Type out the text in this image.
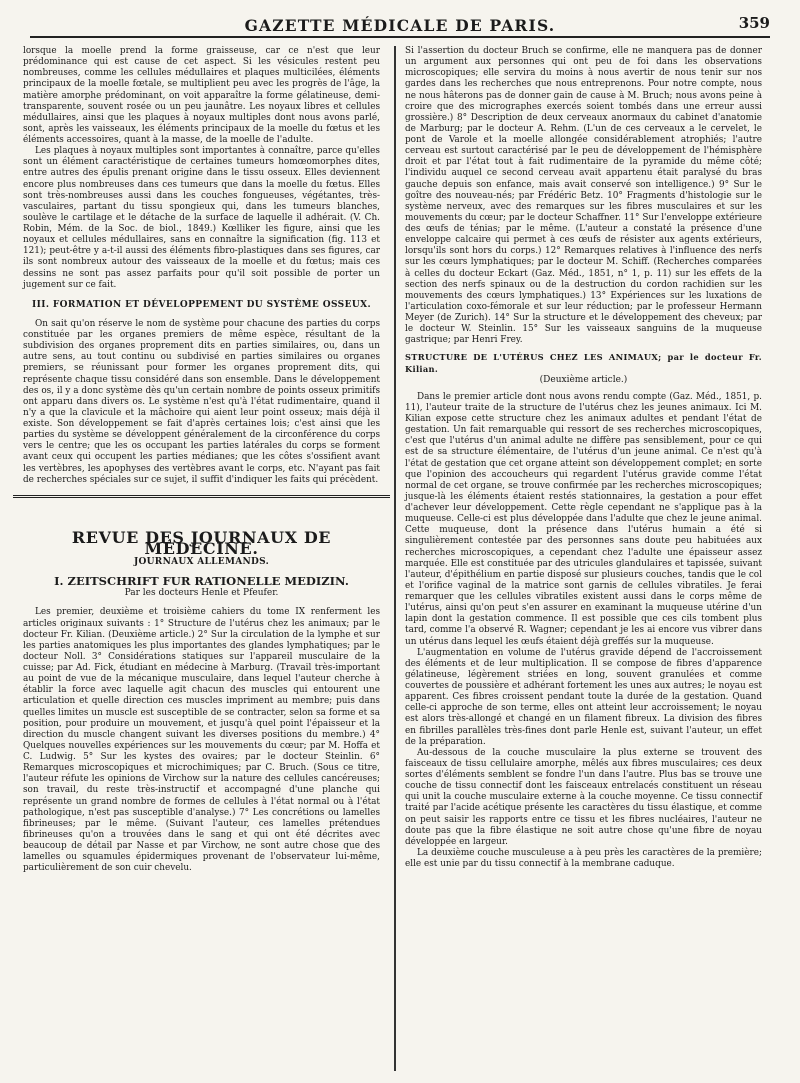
GAZETTE MÉDICALE DE PARIS.	359

lorsque la moelle prend la forme graisseuse, car ce n'est que leur prédominance qui est cause de cet aspect. Si les vésicules restent peu nombreuses, comme les cellules médullaires et plaques multicilées, éléments principaux de la moelle fœtale, se multiplient peu avec les progrès de l'âge, la matière amorphe prédominant, on voit apparaître la forme gélatineuse, demi-transparente, souvent rosée ou un peu jaunâtre. Les noyaux libres et cellules médullaires, ainsi que les plaques à noyaux multiples dont nous avons parlé, sont, après les vaisseaux, les éléments principaux de la moelle du fœtus et les éléments accessoires, quant à la masse, de la moelle de l'adulte.

Les plaques à noyaux multiples sont importantes à connaître, parce qu'elles sont un élément caractéristique de certaines tumeurs homœomorphes dites, entre autres des épulis prenant origine dans le tissu osseux. Elles deviennent encore plus nombreuses dans ces tumeurs que dans la moelle du fœtus. Elles sont très-nombreuses aussi dans les couches fongueuses, végétantes, très-vasculaires, partant du tissu spongieux qui, dans les tumeurs blanches, soulève le cartilage et le détache de la surface de laquelle il adhérait. (V. Ch. Robin, Mém. de la Soc. de biol., 1849.) Kœlliker les figure, ainsi que les noyaux et cellules médullaires, sans en connaître la signification (fig. 113 et 121); peut-être y a-t-il aussi des éléments fibro-plastiques dans ses figures, car ils sont nombreux autour des vaisseaux de la moelle et du fœtus; mais ces dessins ne sont pas assez parfaits pour qu'il soit possible de porter un jugement sur ce fait.

III. FORMATION ET DÉVELOPPEMENT DU SYSTÈME OSSEUX.

On sait qu'on réserve le nom de système pour chacune des parties du corps constituée par les organes premiers de même espèce, résultant de la subdivision des organes proprement dits en parties similaires, ou, dans un autre sens, au tout continu ou subdivisé en parties similaires ou organes premiers, se réunissant pour former les organes proprement dits, qui représente chaque tissu considéré dans son ensemble. Dans le développement des os, il y a donc système dès qu'un certain nombre de points osseux primitifs ont apparu dans divers os. Le système n'est qu'à l'état rudimentaire, quand il n'y a que la clavicule et la mâchoire qui aient leur point osseux; mais déjà il existe. Son développement se fait d'après certaines lois; c'est ainsi que les parties du système se développent généralement de la circonférence du corps vers le centre; que les os occupant les parties latérales du corps se forment avant ceux qui occupent les parties médianes; que les côtes s'ossifient avant les vertèbres, les apophyses des vertèbres avant le corps, etc. N'ayant pas fait de recherches spéciales sur ce sujet, il suffit d'indiquer les faits qui précèdent.

REVUE DES JOURNAUX DE MÉDECINE.
JOURNAUX ALLEMANDS.
I. ZEITSCHRIFT FUR RATIONELLE MEDIZIN.
Par les docteurs Henle et Pfeufer.

Les premier, deuxième et troisième cahiers du tome IX renferment les articles originaux suivants : 1° Structure de l'utérus chez les animaux; par le docteur Fr. Kilian. (Deuxième article.) 2° Sur la circulation de la lymphe et sur les parties anatomiques les plus importantes des glandes lymphatiques; par le docteur Noll. 3° Considérations statiques sur l'appareil musculaire de la cuisse; par Ad. Fick, étudiant en médecine à Marburg. (Travail très-important au point de vue de la mécanique musculaire, dans lequel l'auteur cherche à établir la force avec laquelle agit chacun des muscles qui entourent une articulation et quelle direction ces muscles impriment au membre; puis dans quelles limites un muscle est susceptible de se contracter, selon sa forme et sa position, pour produire un mouvement, et jusqu'à quel point l'épaisseur et la direction du muscle changent suivant les diverses positions du membre.) 4° Quelques nouvelles expériences sur les mouvements du cœur; par M. Hoffa et C. Ludwig. 5° Sur les kystes des ovaires; par le docteur Steinlin. 6° Remarques microscopiques et microchimiques; par C. Bruch. (Sous ce titre, l'auteur réfute les opinions de Virchow sur la nature des cellules cancéreuses; son travail, du reste très-instructif et accompagné d'une planche qui représente un grand nombre de formes de cellules à l'état normal ou à l'état pathologique, n'est pas susceptible d'analyse.) 7° Les concrétions ou lamelles fibrineuses; par le même. (Suivant l'auteur, ces lamelles prétendues fibrineuses qu'on a trouvées dans le sang et qui ont été décrites avec beaucoup de détail par Nasse et par Virchow, ne sont autre chose que des lamelles ou squamules épidermiques provenant de l'observateur lui-même, particulièrement de son cuir chevelu.

Si l'assertion du docteur Bruch se confirme, elle ne manquera pas de donner un argument aux personnes qui ont peu de foi dans les observations microscopiques; elle servira du moins à nous avertir de nous tenir sur nos gardes dans les recherches que nous entreprenons. Pour notre compte, nous ne nous hâterons pas de donner gain de cause à M. Bruch; nous avons peine à croire que des micrographes exercés soient tombés dans une erreur aussi grossière.) 8° Description de deux cerveaux anormaux du cabinet d'anatomie de Marburg; par le docteur A. Rehm. (L'un de ces cerveaux a le cervelet, le pont de Varole et la moelle allongée considérablement atrophiés; l'autre cerveau est surtout caractérisé par le peu de développement de l'hémisphère droit et par l'état tout à fait rudimentaire de la pyramide du même côté; l'individu auquel ce second cerveau avait appartenu était paralysé du bras gauche depuis son enfance, mais avait conservé son intelligence.) 9° Sur le goître des nouveau-nés; par Frédéric Betz. 10° Fragments d'histologie sur le système nerveux, avec des remarques sur les fibres musculaires et sur les mouvements du cœur; par le docteur Schaffner. 11° Sur l'enveloppe extérieure des œufs de ténias; par le même. (L'auteur a constaté la présence d'une enveloppe calcaire qui permet à ces œufs de résister aux agents extérieurs, lorsqu'ils sont hors du corps.) 12° Remarques relatives à l'influence des nerfs sur les cœurs lymphatiques; par le docteur M. Schiff. (Recherches comparées à celles du docteur Eckart (Gaz. Méd., 1851, n° 1, p. 11) sur les effets de la section des nerfs spinaux ou de la destruction du cordon rachidien sur les mouvements des cœurs lymphatiques.) 13° Expériences sur les luxations de l'articulation coxo-fémorale et sur leur réduction; par le professeur Hermann Meyer (de Zurich). 14° Sur la structure et le développement des cheveux; par le docteur W. Steinlin. 15° Sur les vaisseaux sanguins de la muqueuse gastrique; par Henri Frey.

STRUCTURE DE L'UTÉRUS CHEZ LES ANIMAUX; par le docteur Fr. Kilian.

(Deuxième article.)

Dans le premier article dont nous avons rendu compte (Gaz. Méd., 1851, p. 11), l'auteur traite de la structure de l'utérus chez les jeunes animaux. Ici M. Kilian expose cette structure chez les animaux adultes et pendant l'état de gestation. Un fait remarquable qui ressort de ses recherches microscopiques, c'est que l'utérus d'un animal adulte ne diffère pas sensiblement, pour ce qui est de sa structure élémentaire, de l'utérus d'un jeune animal. Ce n'est qu'à l'état de gestation que cet organe atteint son développement complet; en sorte que l'opinion des accoucheurs qui regardent l'utérus gravide comme l'état normal de cet organe, se trouve confirmée par les recherches microscopiques; jusque-là les éléments étaient restés stationnaires, la gestation a pour effet d'achever leur développement. Cette règle cependant ne s'applique pas à la muqueuse. Celle-ci est plus développée dans l'adulte que chez le jeune animal. Cette muqueuse, dont la présence dans l'utérus humain a été si singulièrement contestée par des personnes sans doute peu habituées aux recherches microscopiques, a cependant chez l'adulte une épaisseur assez marquée. Elle est constituée par des utricules glandulaires et tapissée, suivant l'auteur, d'épithélium en partie disposé sur plusieurs couches, tandis que le col et l'orifice vaginal de la matrice sont garnis de cellules vibratiles. Je ferai remarquer que les cellules vibratiles existent aussi dans le corps même de l'utérus, ainsi qu'on peut s'en assurer en examinant la muqueuse utérine d'un lapin dont la gestation commence. Il est possible que ces cils tombent plus tard, comme l'a observé R. Wagner; cependant je les ai encore vus vibrer dans un utérus dans lequel les œufs étaient déjà greffés sur la muqueuse.

L'augmentation en volume de l'utérus gravide dépend de l'accroissement des éléments et de leur multiplication. Il se compose de fibres d'apparence gélatineuse, légèrement striées en long, souvent granulées et comme couvertes de poussière et adhérant fortement les unes aux autres; le noyau est apparent. Ces fibres croissent pendant toute la durée de la gestation. Quand celle-ci approche de son terme, elles ont atteint leur accroissement; le noyau est alors très-allongé et changé en un filament fibreux. La division des fibres en fibrilles parallèles très-fines dont parle Henle est, suivant l'auteur, un effet de la préparation.

Au-dessous de la couche musculaire la plus externe se trouvent des faisceaux de tissu cellulaire amorphe, mêlés aux fibres musculaires; ces deux sortes d'éléments semblent se fondre l'un dans l'autre. Plus bas se trouve une couche de tissu connectif dont les faisceaux entrelacés constituent un réseau qui unit la couche musculaire externe à la couche moyenne. Ce tissu connectif traité par l'acide acétique présente les caractères du tissu élastique, et comme on peut saisir les rapports entre ce tissu et les fibres nucléaires, l'auteur ne doute pas que la fibre élastique ne soit autre chose qu'une fibre de noyau développée en largeur.

La deuxième couche musculeuse a à peu près les caractères de la première; elle est unie par du tissu connectif à la membrane caduque.
